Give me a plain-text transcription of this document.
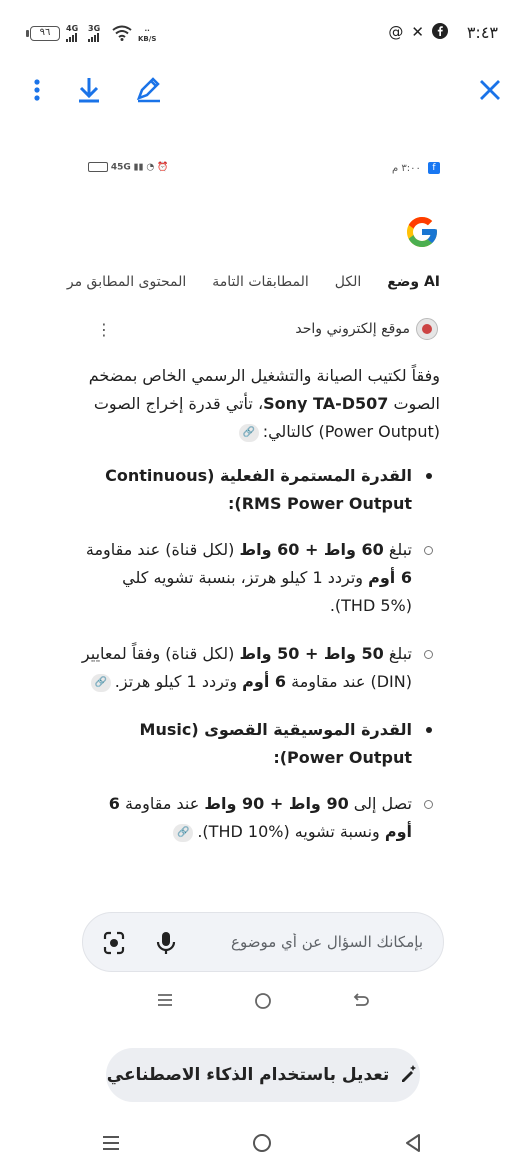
٩٦	4G 3G	··
KB/S	@ ✕	٣:٤٣
45G ▮▮ ◔ ⏰	٣:٠٠ م f
وضع AI
الكل
المطابقات التامة
المحتوى المطابق مر
موقع إلكتروني واحد
⋮

وفقاً لكتيب الصيانة والتشغيل الرسمي الخاص بمضخم الصوت Sony TA-D507، تأتي قدرة إخراج الصوت (Power Output) كالتالي:🔗

القدرة المستمرة الفعلية (Continuous RMS Power Output):
تبلغ 60 واط + 60 واط (لكل قناة) عند مقاومة 6 أوم وتردد 1 كيلو هرتز، بنسبة تشويه كلي (THD 5%).
تبلغ 50 واط + 50 واط (لكل قناة) وفقاً لمعايير (DIN) عند مقاومة 6 أوم وتردد 1 كيلو هرتز.🔗
القدرة الموسيقية القصوى (Music Power Output):
تصل إلى 90 واط + 90 واط عند مقاومة 6 أوم ونسبة تشويه (THD 10%).🔗
بإمكانك السؤال عن أي موضوع
تعديل باستخدام الذكاء الاصطناعي
